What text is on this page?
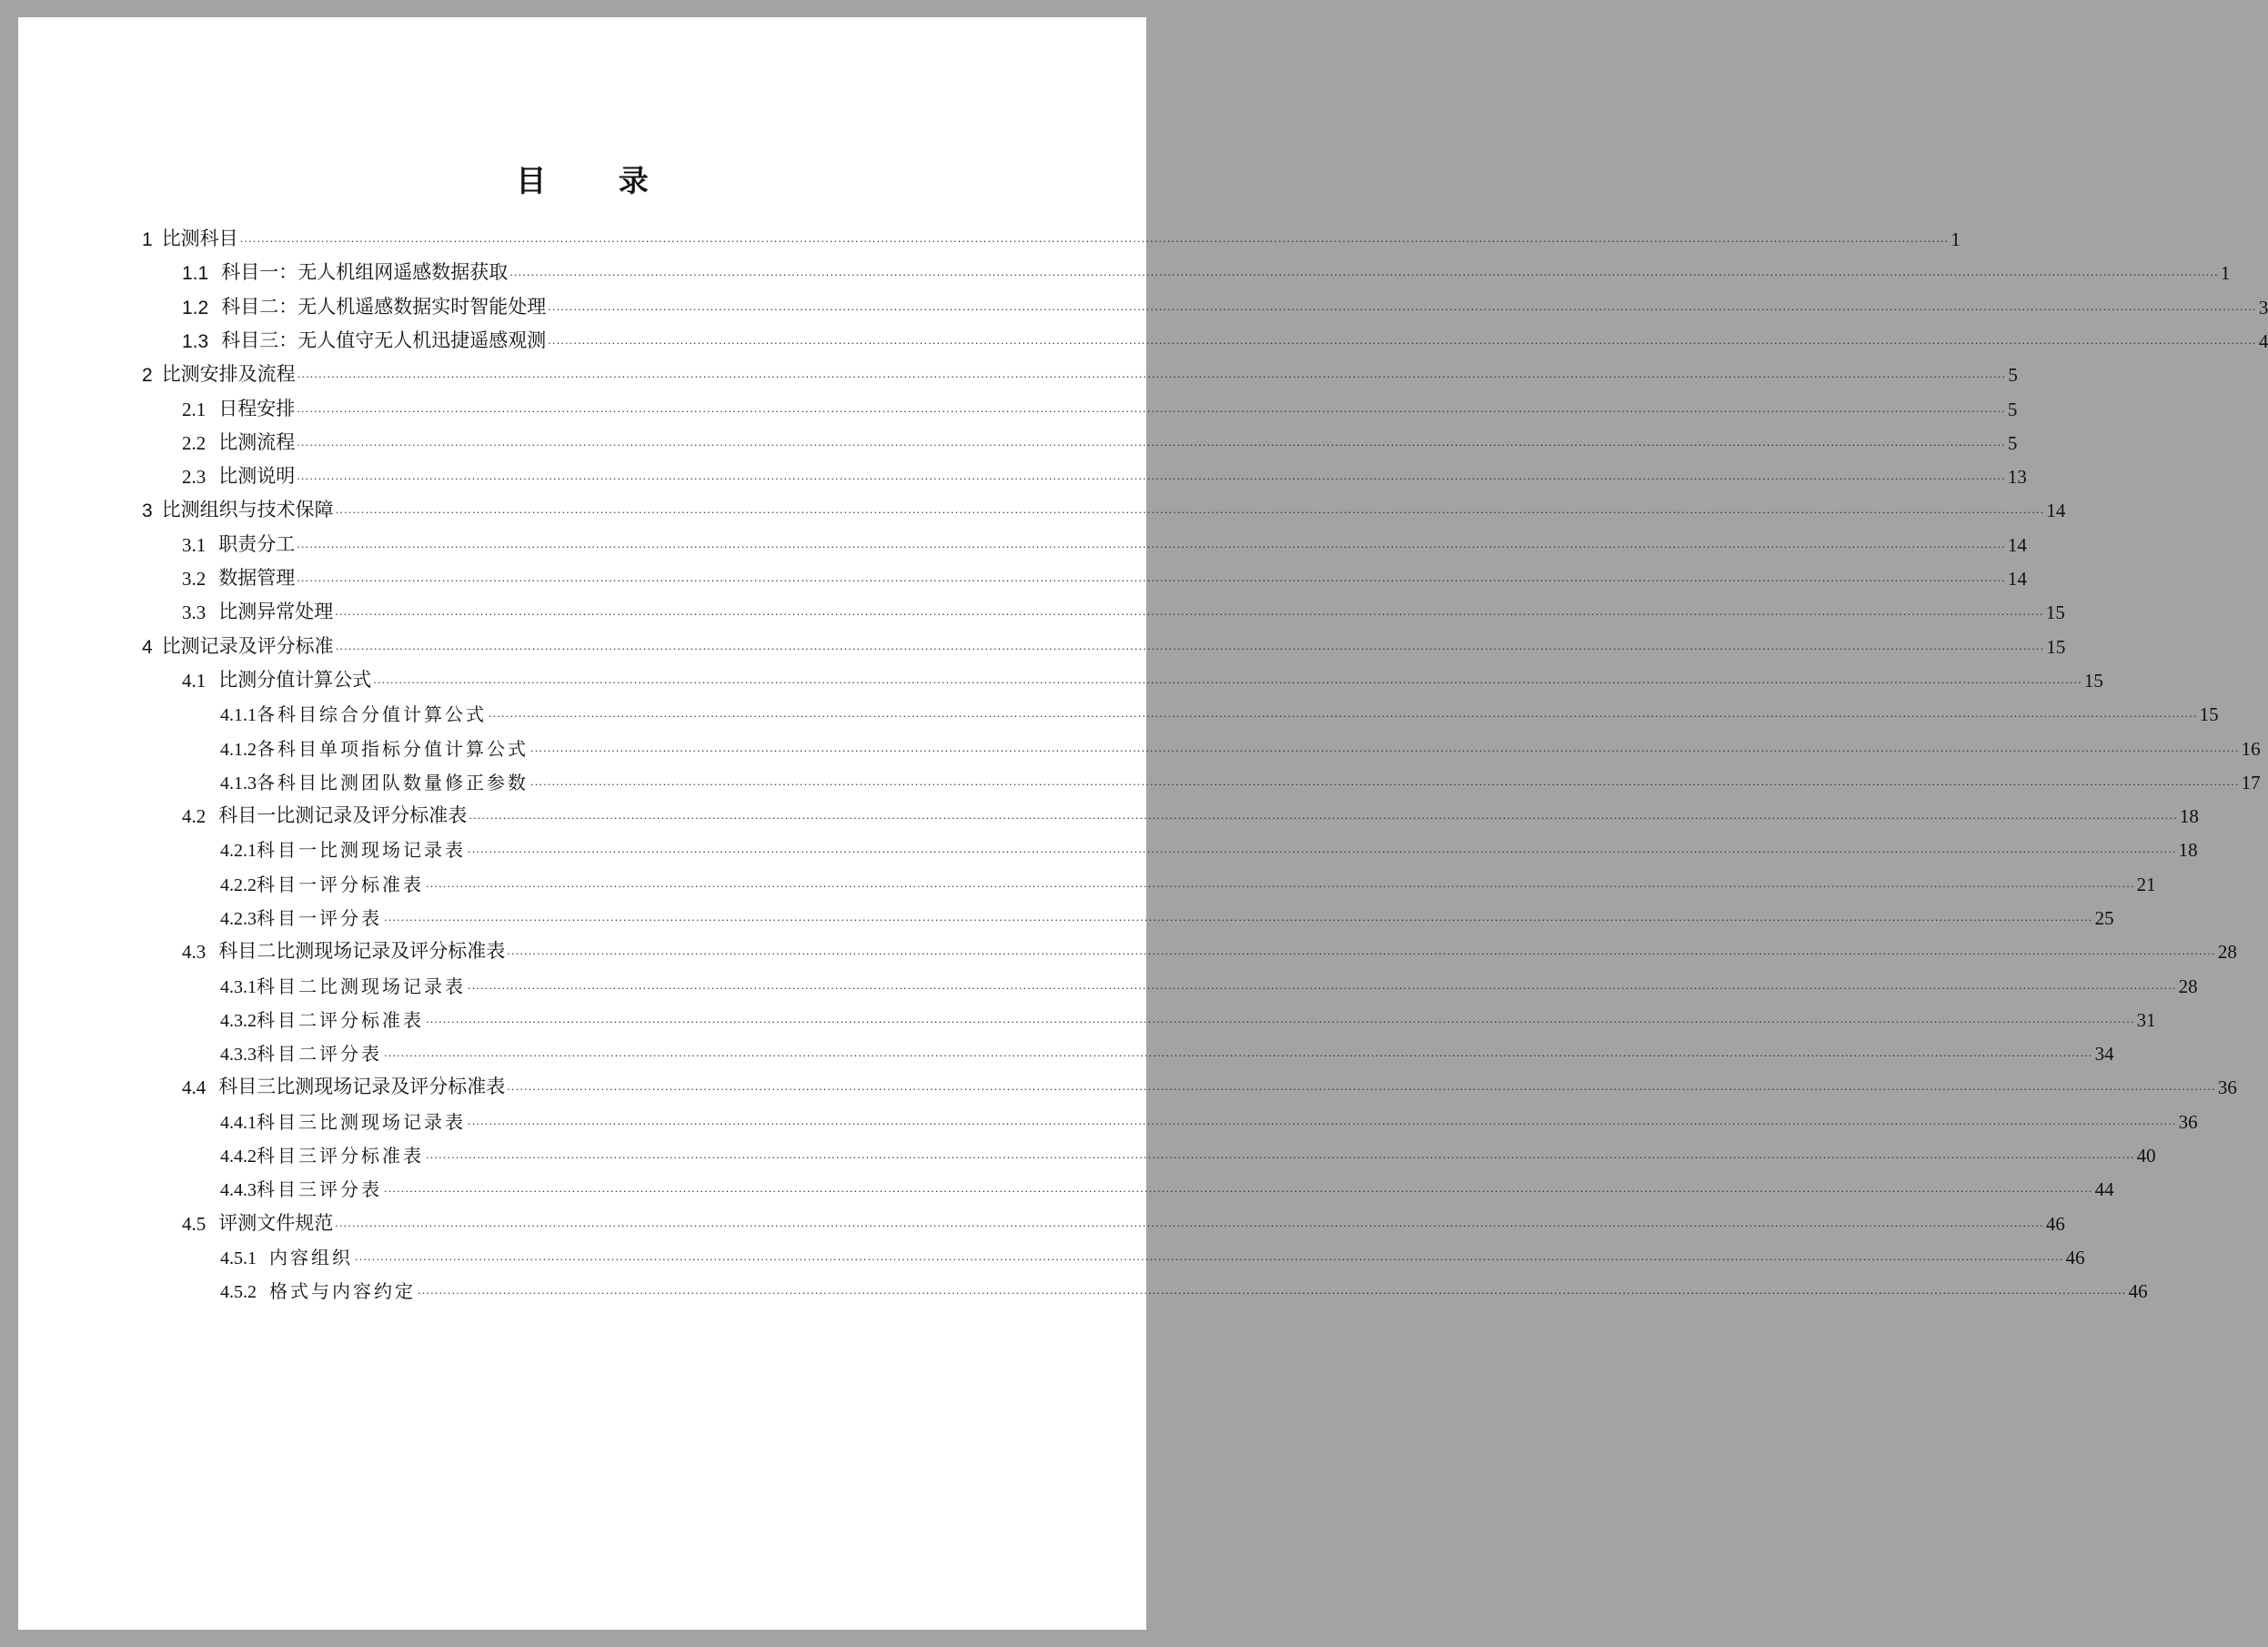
目 录
1 比测科目 ................................................................................................................................................................................................................................................................................................................................................................................................................ 1
1.1 科目一：无人机组网遥感数据获取 ................................................................................................................................................................................................................................................................................................................................................................................................................ 1
1.2 科目二：无人机遥感数据实时智能处理 ................................................................................................................................................................................................................................................................................................................................................................................................................ 3
1.3 科目三：无人值守无人机迅捷遥感观测 ................................................................................................................................................................................................................................................................................................................................................................................................................ 4
2 比测安排及流程 ................................................................................................................................................................................................................................................................................................................................................................................................................ 5
2.1 日程安排 ................................................................................................................................................................................................................................................................................................................................................................................................................ 5
2.2 比测流程 ................................................................................................................................................................................................................................................................................................................................................................................................................ 5
2.3 比测说明 ................................................................................................................................................................................................................................................................................................................................................................................................................ 13
3 比测组织与技术保障 ................................................................................................................................................................................................................................................................................................................................................................................................................ 14
3.1 职责分工 ................................................................................................................................................................................................................................................................................................................................................................................................................ 14
3.2 数据管理 ................................................................................................................................................................................................................................................................................................................................................................................................................ 14
3.3 比测异常处理 ................................................................................................................................................................................................................................................................................................................................................................................................................ 15
4 比测记录及评分标准 ................................................................................................................................................................................................................................................................................................................................................................................................................ 15
4.1 比测分值计算公式 ................................................................................................................................................................................................................................................................................................................................................................................................................ 15
4.1.1 各科目综合分值计算公式 ................................................................................................................................................................................................................................................................................................................................................................................................................ 15
4.1.2 各科目单项指标分值计算公式 ................................................................................................................................................................................................................................................................................................................................................................................................................ 16
4.1.3 各科目比测团队数量修正参数 ................................................................................................................................................................................................................................................................................................................................................................................................................ 17
4.2 科目一比测记录及评分标准表 ................................................................................................................................................................................................................................................................................................................................................................................................................ 18
4.2.1 科目一比测现场记录表 ................................................................................................................................................................................................................................................................................................................................................................................................................ 18
4.2.2 科目一评分标准表 ................................................................................................................................................................................................................................................................................................................................................................................................................ 21
4.2.3 科目一评分表 ................................................................................................................................................................................................................................................................................................................................................................................................................ 25
4.3 科目二比测现场记录及评分标准表 ................................................................................................................................................................................................................................................................................................................................................................................................................ 28
4.3.1 科目二比测现场记录表 ................................................................................................................................................................................................................................................................................................................................................................................................................ 28
4.3.2 科目二评分标准表 ................................................................................................................................................................................................................................................................................................................................................................................................................ 31
4.3.3 科目二评分表 ................................................................................................................................................................................................................................................................................................................................................................................................................ 34
4.4 科目三比测现场记录及评分标准表 ................................................................................................................................................................................................................................................................................................................................................................................................................ 36
4.4.1 科目三比测现场记录表 ................................................................................................................................................................................................................................................................................................................................................................................................................ 36
4.4.2 科目三评分标准表 ................................................................................................................................................................................................................................................................................................................................................................................................................ 40
4.4.3 科目三评分表 ................................................................................................................................................................................................................................................................................................................................................................................................................ 44
4.5 评测文件规范 ................................................................................................................................................................................................................................................................................................................................................................................................................ 46
4.5.1 内容组织 ................................................................................................................................................................................................................................................................................................................................................................................................................ 46
4.5.2 格式与内容约定 ................................................................................................................................................................................................................................................................................................................................................................................................................ 46
